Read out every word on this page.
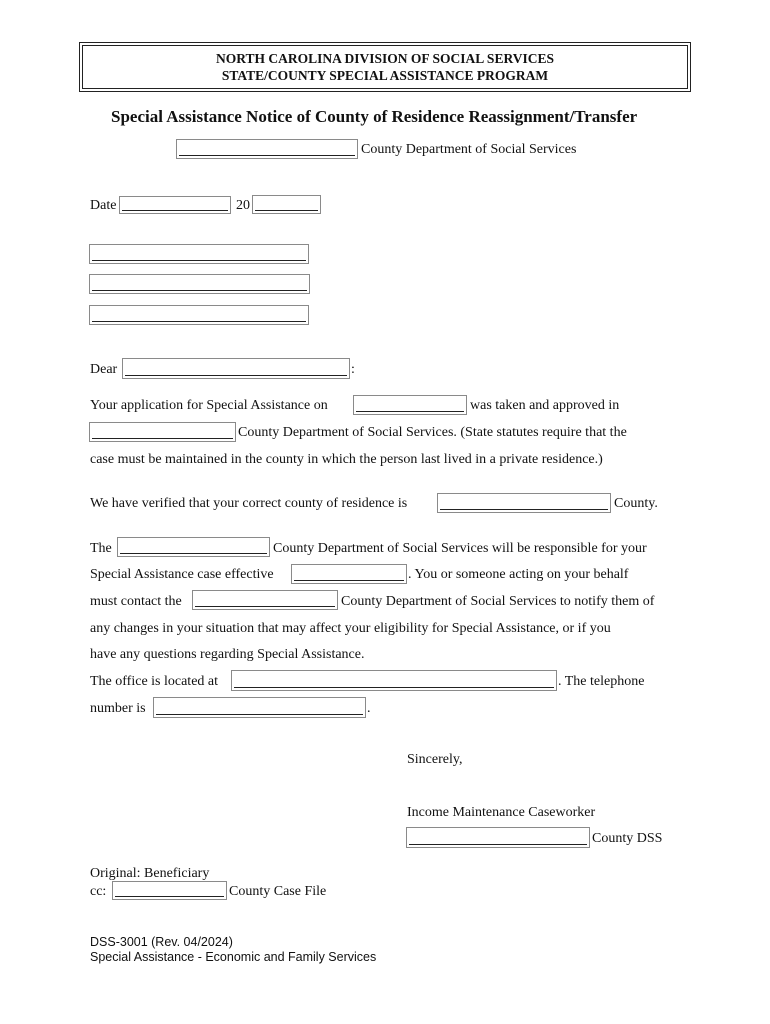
NORTH CAROLINA DIVISION OF SOCIAL SERVICES
STATE/COUNTY SPECIAL ASSISTANCE PROGRAM
Special Assistance Notice of County of Residence Reassignment/Transfer
County Department of Social Services
Date	20
Dear	:
Your application for Special Assistance on	was taken and approved in
County Department of Social Services. (State statutes require that the
case must be maintained in the county in which the person last lived in a private residence.)
We have verified that your correct county of residence is	County.
The	County Department of Social Services will be responsible for your
Special Assistance case effective	. You or someone acting on your behalf
must contact the	County Department of Social Services to notify them of
any changes in your situation that may affect your eligibility for Special Assistance, or if you
have any questions regarding Special Assistance.
The office is located at	. The telephone
number is	.
Sincerely,
Income Maintenance Caseworker
County DSS
Original: Beneficiary
cc:	County Case File
DSS-3001 (Rev. 04/2024)
Special Assistance - Economic and Family Services
